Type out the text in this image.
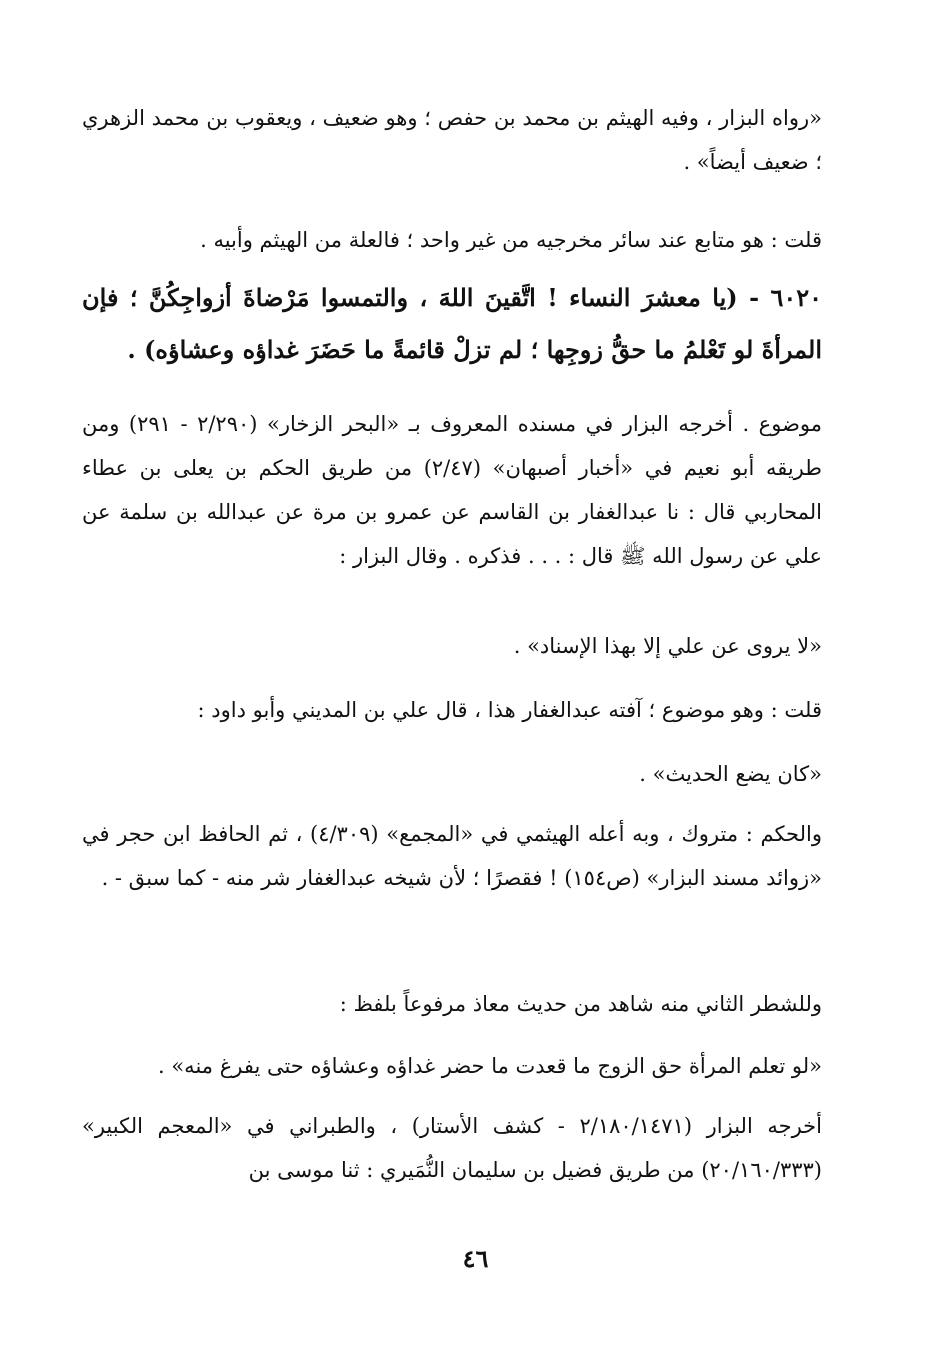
«رواه البزار ، وفيه الهيثم بن محمد بن حفص ؛ وهو ضعيف ، ويعقوب بن محمد الزهري ؛ ضعيف أيضاً» .

قلت : هو متابع عند سائر مخرجيه من غير واحد ؛ فالعلة من الهيثم وأبيه .

٦٠٢٠ - (يا معشرَ النساء ! اتَّقينَ اللهَ ، والتمسوا مَرْضاةَ أزواجِكُنَّ ؛ فإن المرأةَ لو تَعْلمُ ما حقُّ زوجِها ؛ لم تزلْ قائمةً ما حَضَرَ غداؤه وعشاؤه) .

موضوع . أخرجه البزار في مسنده المعروف بـ «البحر الزخار» (٢/٢٩٠ - ٢٩١) ومن طريقه أبو نعيم في «أخبار أصبهان» (٢/٤٧) من طريق الحكم بن يعلى بن عطاء المحاربي قال : نا عبدالغفار بن القاسم عن عمرو بن مرة عن عبدالله بن سلمة عن علي عن رسول الله ﷺ قال : . . . فذكره . وقال البزار :

«لا يروى عن علي إلا بهذا الإسناد» .

قلت : وهو موضوع ؛ آفته عبدالغفار هذا ، قال علي بن المديني وأبو داود :

«كان يضع الحديث» .

والحكم : متروك ، وبه أعله الهيثمي في «المجمع» (٤/٣٠٩) ، ثم الحافظ ابن حجر في «زوائد مسند البزار» (ص١٥٤) ! فقصرًا ؛ لأن شيخه عبدالغفار شر منه - كما سبق - .

وللشطر الثاني منه شاهد من حديث معاذ مرفوعاً بلفظ :

«لو تعلم المرأة حق الزوج ما قعدت ما حضر غداؤه وعشاؤه حتى يفرغ منه» .

أخرجه البزار (٢/١٨٠/١٤٧١ - كشف الأستار) ، والطبراني في «المعجم الكبير» (٢٠/١٦٠/٣٣٣) من طريق فضيل بن سليمان النُّمَيري : ثنا موسى بن

٤٦
